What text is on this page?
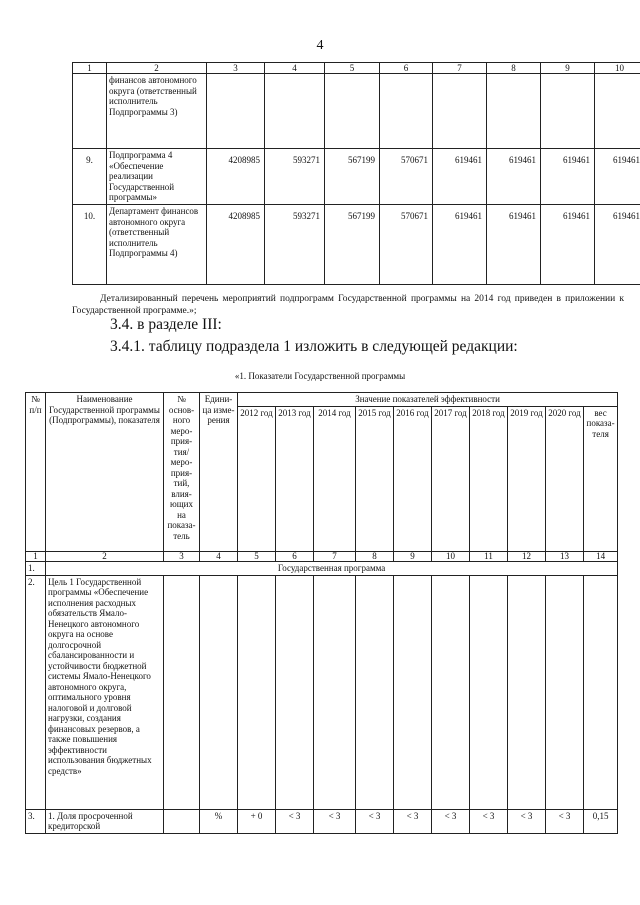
4
1	2	3	4	5	6	7	8	9	10
	финансов автономного округа (ответственный исполнитель Подпрограммы 3)								
9.	Подпрограмма 4 «Обеспечение реализации Государственной программы»	4208985	593271	567199	570671	619461	619461	619461	619461
10.	Департамент финансов автономного округа (ответственный исполнитель Подпрограммы 4)	4208985	593271	567199	570671	619461	619461	619461	619461
Детализированный перечень мероприятий подпрограмм Государственной программы на 2014 год приведен в приложении к Государственной программе.»;
3.4. в разделе III:
3.4.1. таблицу подраздела 1 изложить в следующей редакции:
«1. Показатели Государственной программы
№ п/п	Наименование Государственной программы (Подпрограммы), показателя	№ основ-ного меро-прия-тия/ меро-прия-тий, влия-ющих на показа-тель	Едини-ца изме-рения	Значение показателей эффективности									
				2012 год	2013 год	2014 год	2015 год	2016 год	2017 год	2018 год	2019 год	2020 год	вес показа-теля
1	2	3	4	5	6	7	8	9	10	11	12	13	14
1.	Государственная программа												
2.	Цель 1 Государственной программы «Обеспечение исполнения расходных обязательств Ямало-Ненецкого автономного округа на основе долгосрочной сбалансированности и устойчивости бюджетной системы Ямало-Ненецкого автономного округа, оптимального уровня налоговой и долговой нагрузки, создания финансовых резервов, а также повышения эффективности использования бюджетных средств»												
3.	1. Доля просроченной кредиторской		%	+ 0	< 3	< 3	< 3	< 3	< 3	< 3	< 3	< 3	0,15
